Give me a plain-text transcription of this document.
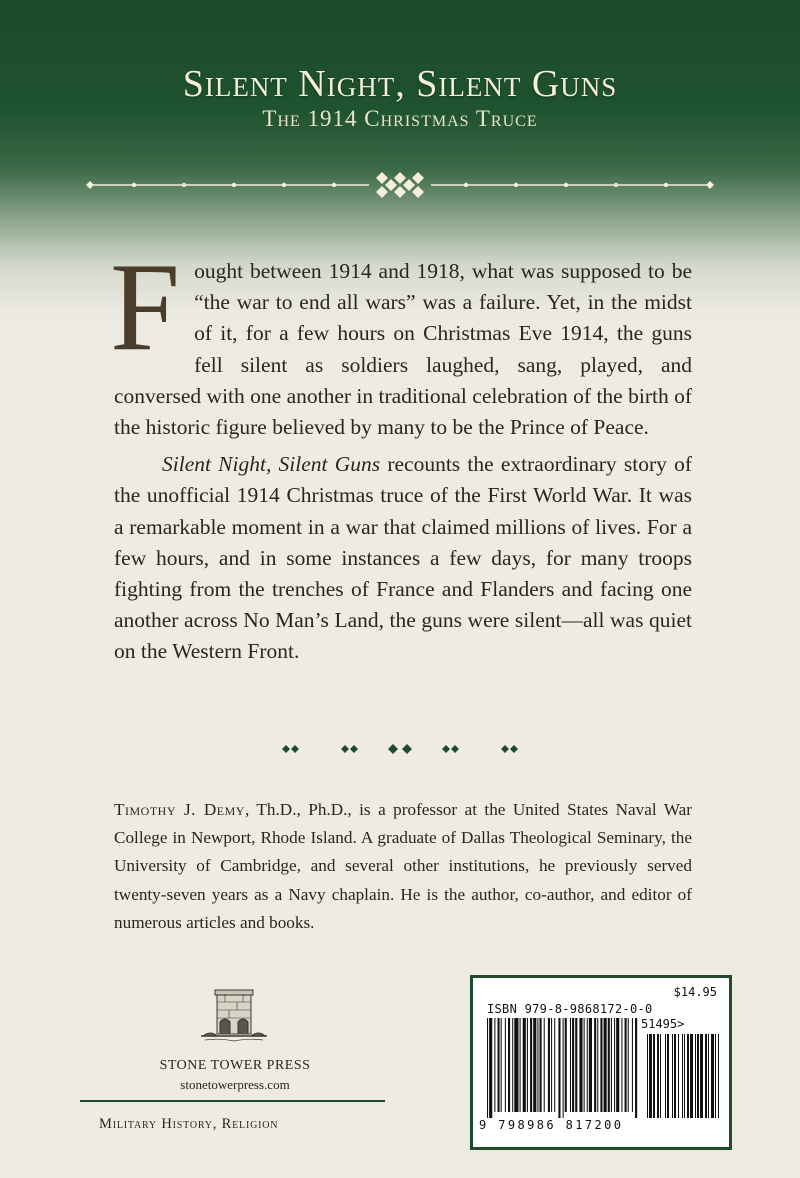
Silent Night, Silent Guns
The 1914 Christmas Truce

Fought between 1914 and 1918, what was supposed to be “the war to end all wars” was a failure. Yet, in the midst of it, for a few hours on Christmas Eve 1914, the guns fell silent as soldiers laughed, sang, played, and conversed with one another in traditional celebration of the birth of the historic figure believed by many to be the Prince of Peace.

Silent Night, Silent Guns recounts the extraordinary story of the unofficial 1914 Christmas truce of the First World War. It was a remarkable moment in a war that claimed millions of lives. For a few hours, and in some instances a few days, for many troops fighting from the trenches of France and Flanders and facing one another across No Man’s Land, the guns were silent—all was quiet on the Western Front.

Timothy J. Demy, Th.D., Ph.D., is a professor at the United States Naval War College in Newport, Rhode Island. A graduate of Dallas Theological Seminary, the University of Cambridge, and several other institutions, he previously served twenty-seven years as a Navy chaplain. He is the author, co-author, and editor of numerous articles and books.
STONE TOWER PRESS
stonetowerpress.com
Military History, Religion
$14.95
ISBN 979-8-9868172-0-0
51495>
9 798986 817200
